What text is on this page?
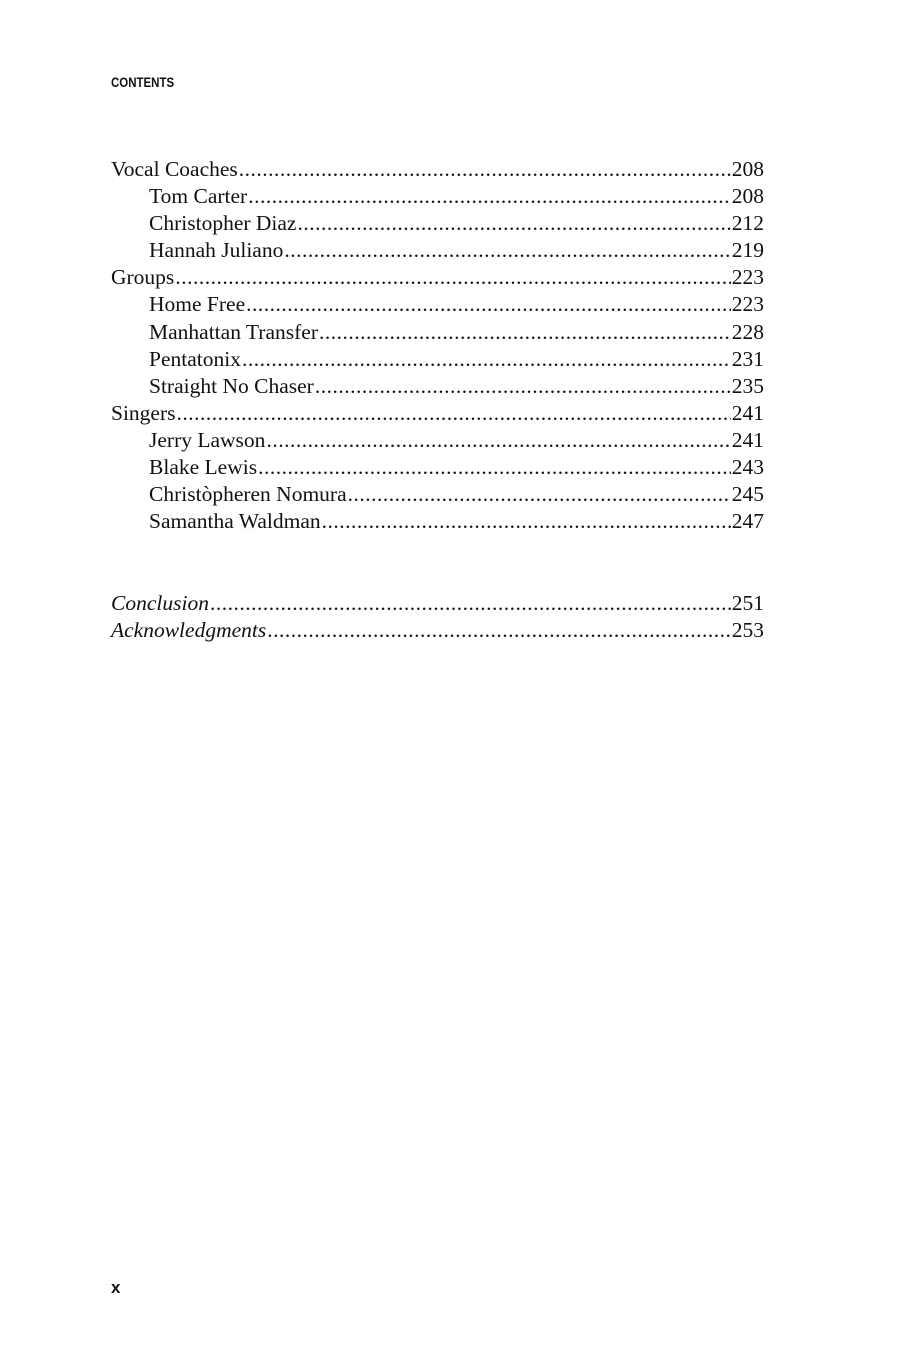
CONTENTS
Vocal Coaches .....	208
Tom Carter .....	208
Christopher Diaz .....	212
Hannah Juliano .....	219
Groups .....	223
Home Free .....	223
Manhattan Transfer .....	228
Pentatonix .....	231
Straight No Chaser .....	235
Singers .....	241
Jerry Lawson .....	241
Blake Lewis .....	243
Christòpheren Nomura .....	245
Samantha Waldman .....	247
Conclusion .....	251
Acknowledgments .....	253
x
